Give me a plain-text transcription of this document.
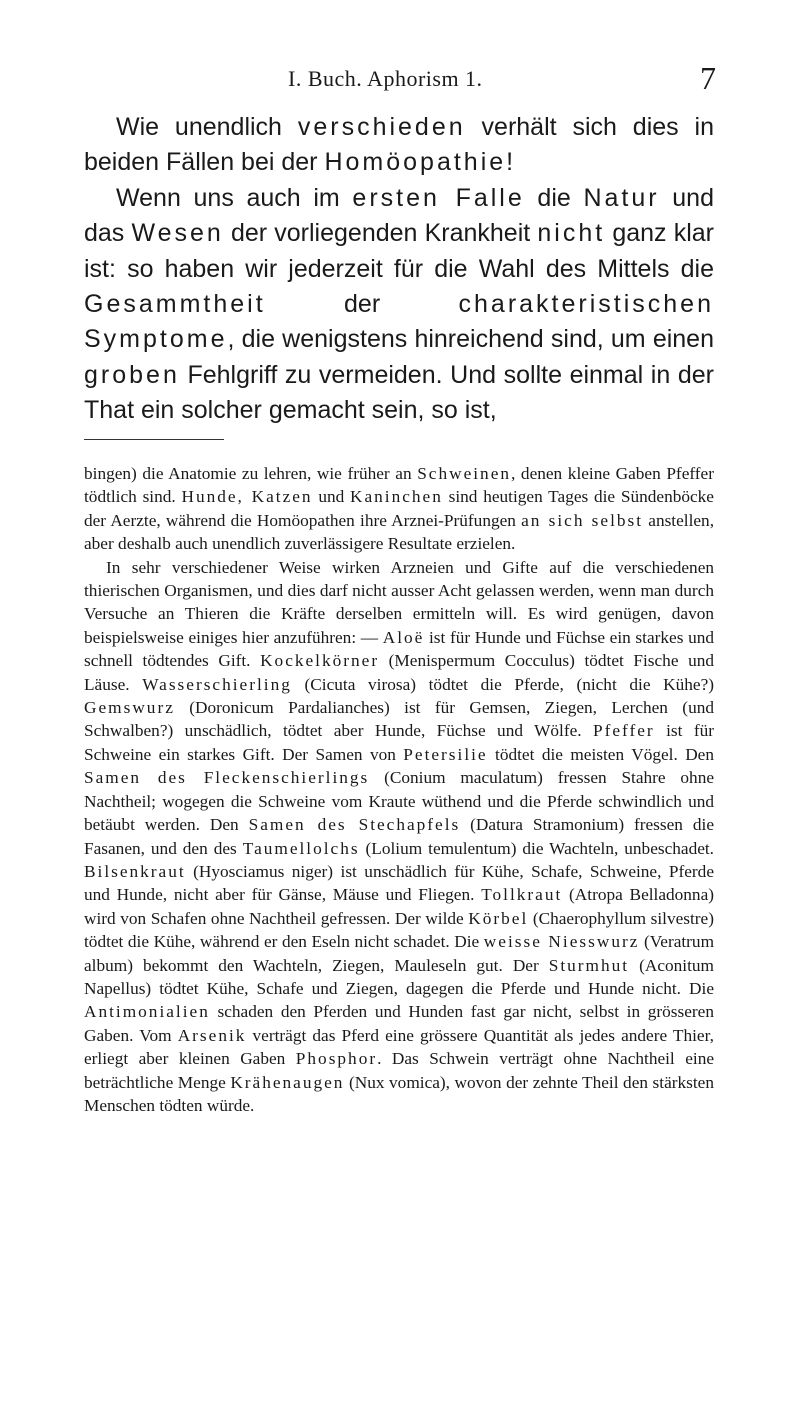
I. Buch. Aphorism 1.	7

Wie unendlich verschieden verhält sich dies in beiden Fällen bei der Homöopathie!

Wenn uns auch im ersten Falle die Natur und das Wesen der vorliegenden Krankheit nicht ganz klar ist: so haben wir jederzeit für die Wahl des Mittels die Gesammtheit der charakteristischen Symptome, die wenigstens hinreichend sind, um einen groben Fehlgriff zu vermeiden. Und sollte einmal in der That ein solcher gemacht sein, so ist,

bingen) die Anatomie zu lehren, wie früher an Schweinen, denen kleine Gaben Pfeffer tödtlich sind. Hunde, Katzen und Kaninchen sind heutigen Tages die Sündenböcke der Aerzte, während die Homöopathen ihre Arznei-Prüfungen an sich selbst anstellen, aber deshalb auch unendlich zuverlässigere Resultate erzielen.

In sehr verschiedener Weise wirken Arzneien und Gifte auf die verschiedenen thierischen Organismen, und dies darf nicht ausser Acht gelassen werden, wenn man durch Versuche an Thieren die Kräfte derselben ermitteln will. Es wird genügen, davon beispielsweise einiges hier anzuführen: — Aloë ist für Hunde und Füchse ein starkes und schnell tödtendes Gift. Kockelkörner (Menispermum Cocculus) tödtet Fische und Läuse. Wasserschierling (Cicuta virosa) tödtet die Pferde, (nicht die Kühe?) Gemswurz (Doronicum Pardalianches) ist für Gemsen, Ziegen, Lerchen (und Schwalben?) unschädlich, tödtet aber Hunde, Füchse und Wölfe. Pfeffer ist für Schweine ein starkes Gift. Der Samen von Petersilie tödtet die meisten Vögel. Den Samen des Fleckenschierlings (Conium maculatum) fressen Stahre ohne Nachtheil; wogegen die Schweine vom Kraute wüthend und die Pferde schwindlich und betäubt werden. Den Samen des Stechapfels (Datura Stramonium) fressen die Fasanen, und den des Taumellolchs (Lolium temulentum) die Wachteln, unbeschadet. Bilsenkraut (Hyosciamus niger) ist unschädlich für Kühe, Schafe, Schweine, Pferde und Hunde, nicht aber für Gänse, Mäuse und Fliegen. Tollkraut (Atropa Belladonna) wird von Schafen ohne Nachtheil gefressen. Der wilde Körbel (Chaerophyllum silvestre) tödtet die Kühe, während er den Eseln nicht schadet. Die weisse Niesswurz (Veratrum album) bekommt den Wachteln, Ziegen, Mauleseln gut. Der Sturmhut (Aconitum Napellus) tödtet Kühe, Schafe und Ziegen, dagegen die Pferde und Hunde nicht. Die Antimonialien schaden den Pferden und Hunden fast gar nicht, selbst in grösseren Gaben. Vom Arsenik verträgt das Pferd eine grössere Quantität als jedes andere Thier, erliegt aber kleinen Gaben Phosphor. Das Schwein verträgt ohne Nachtheil eine beträchtliche Menge Krähenaugen (Nux vomica), wovon der zehnte Theil den stärksten Menschen tödten würde.
